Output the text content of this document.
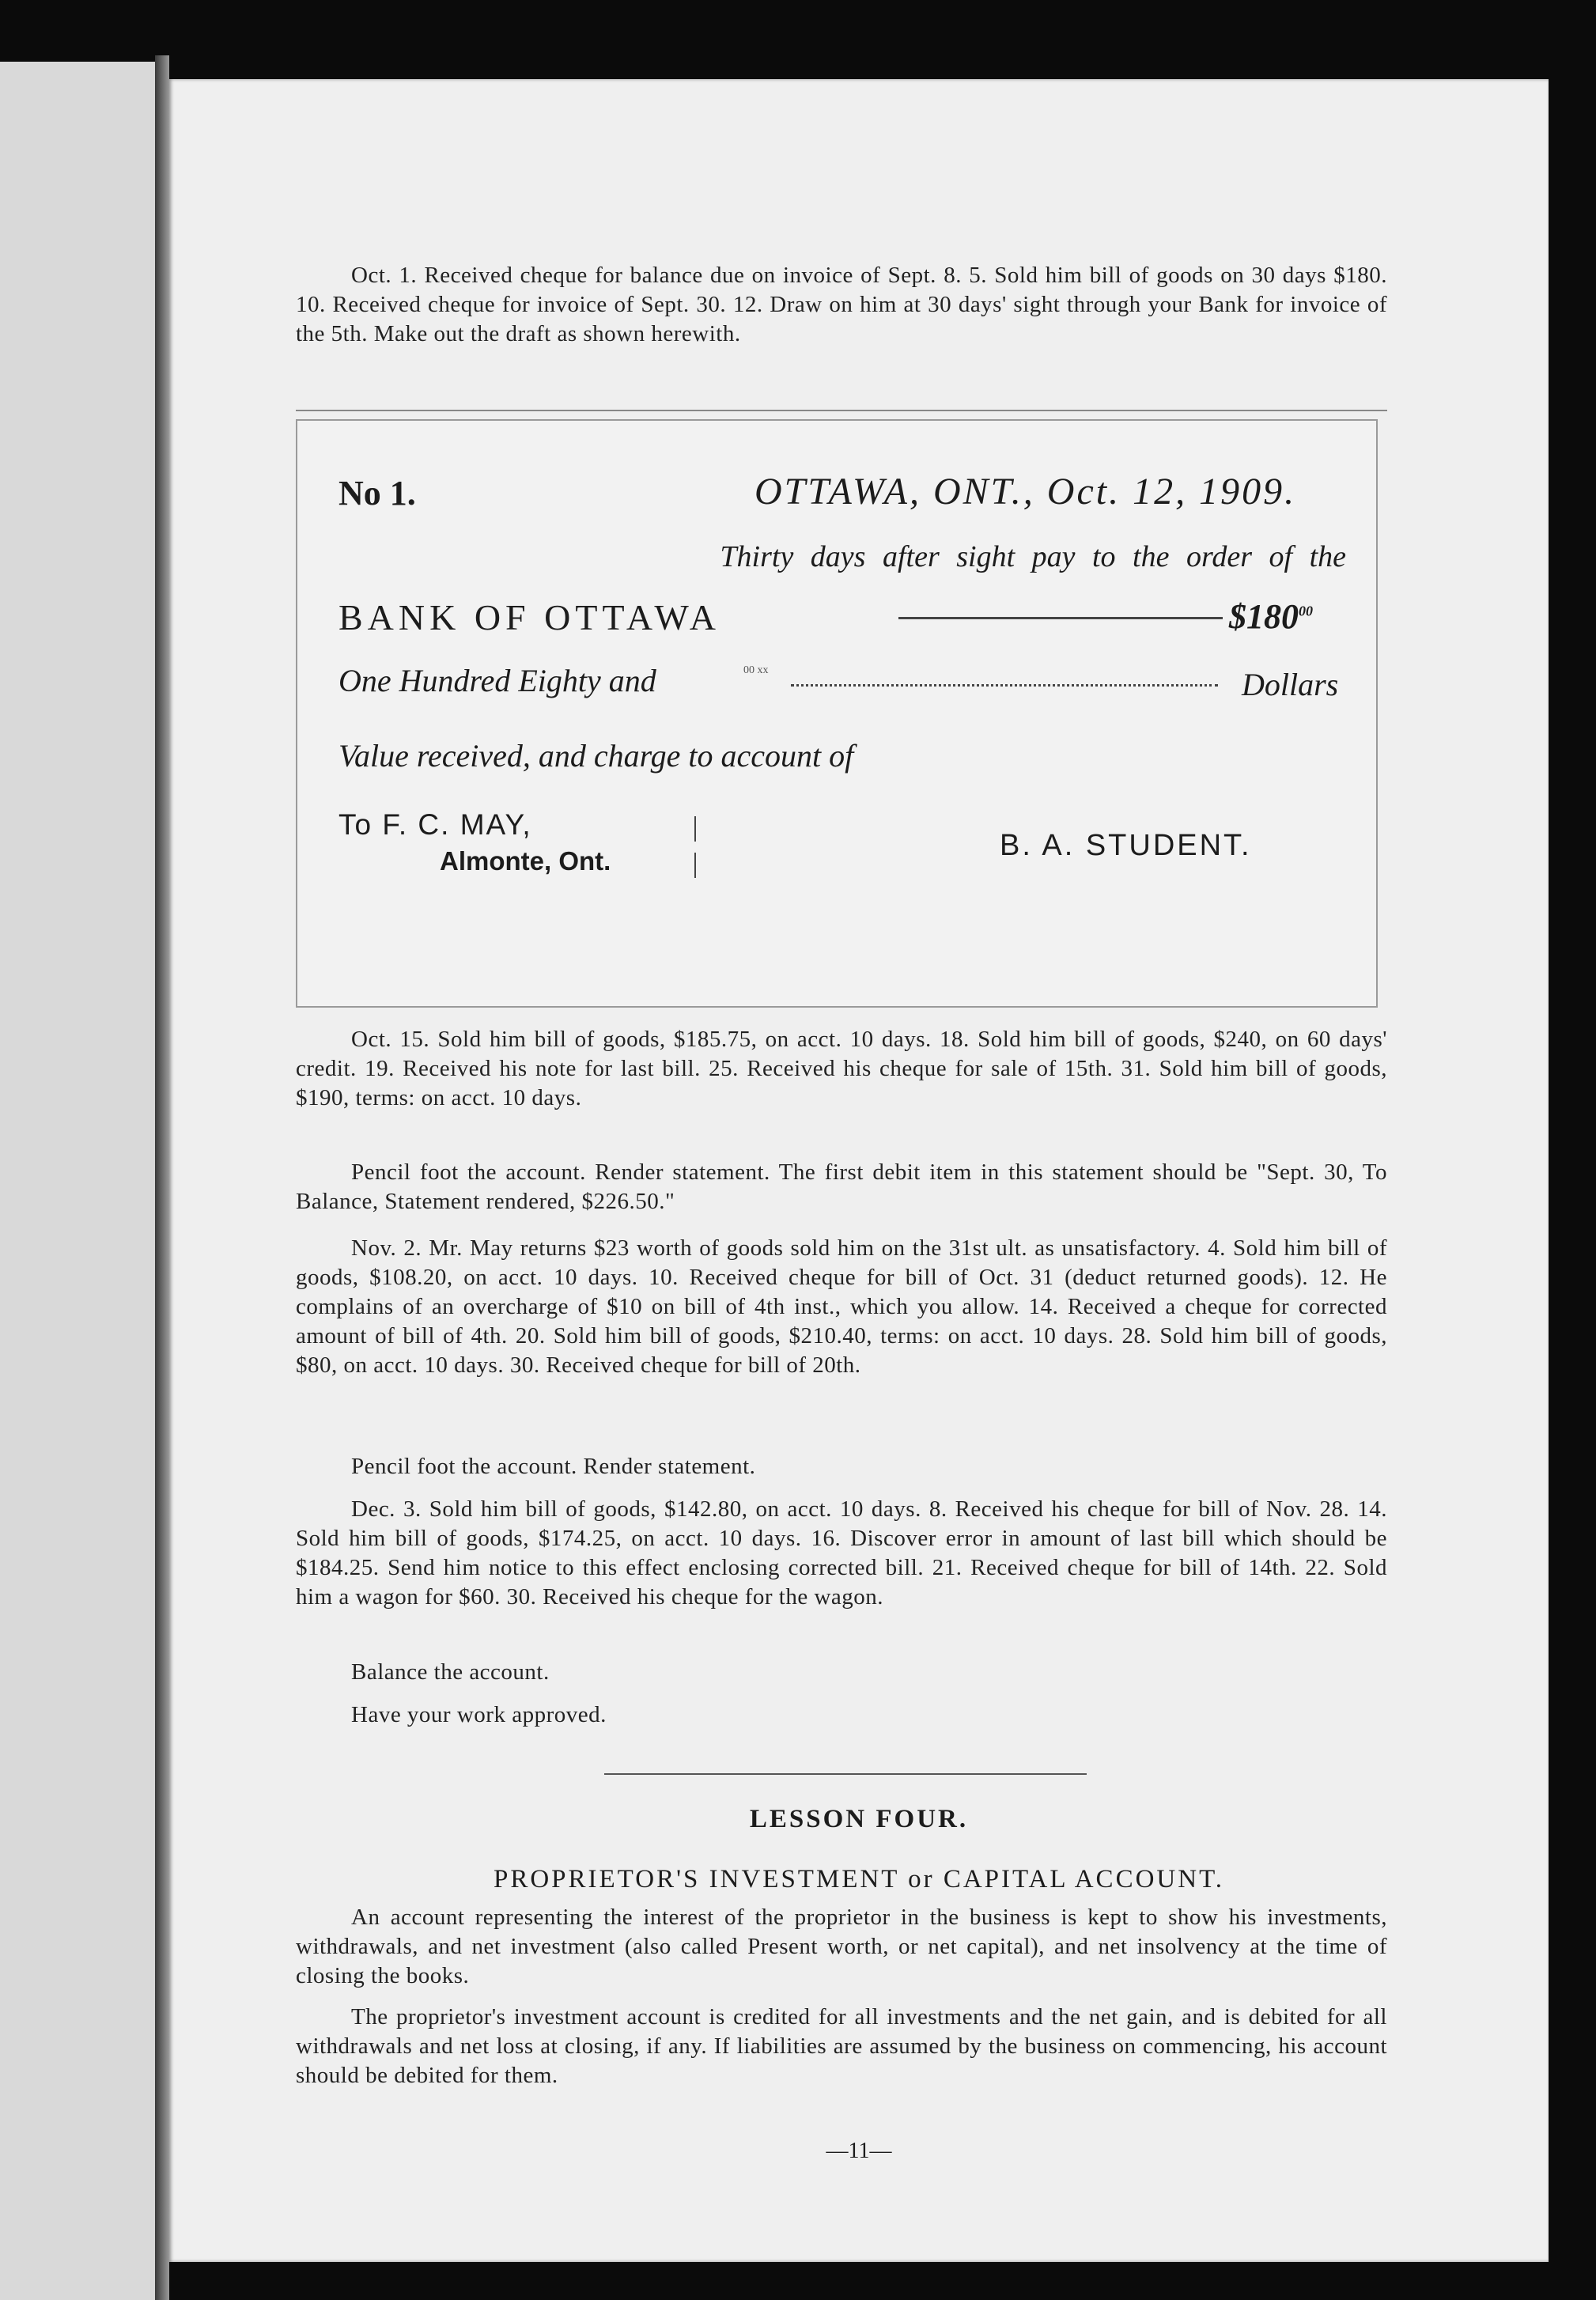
Oct. 1. Received cheque for balance due on invoice of Sept. 8. 5. Sold him bill of goods on 30 days $180. 10. Received cheque for invoice of Sept. 30. 12. Draw on him at 30 days' sight through your Bank for invoice of the 5th. Make out the draft as shown herewith.

No 1.	OTTAWA, ONT., Oct. 12, 1909.
Thirty days after sight pay to the order of the
BANK OF OTTAWA	$\$180^{00}$
One Hundred Eighty and	00 xx	Dollars
Value received, and charge to account of
To F. C. MAY,
Almonte, Ont.	B. A. STUDENT.

Oct. 15. Sold him bill of goods, $185.75, on acct. 10 days. 18. Sold him bill of goods, $240, on 60 days' credit. 19. Received his note for last bill. 25. Received his cheque for sale of 15th. 31. Sold him bill of goods, $190, terms: on acct. 10 days.

Pencil foot the account. Render statement. The first debit item in this statement should be "Sept. 30, To Balance, Statement rendered, $226.50."

Nov. 2. Mr. May returns $23 worth of goods sold him on the 31st ult. as unsatisfactory. 4. Sold him bill of goods, $108.20, on acct. 10 days. 10. Received cheque for bill of Oct. 31 (deduct returned goods). 12. He complains of an overcharge of $10 on bill of 4th inst., which you allow. 14. Received a cheque for corrected amount of bill of 4th. 20. Sold him bill of goods, $210.40, terms: on acct. 10 days. 28. Sold him bill of goods, $80, on acct. 10 days. 30. Received cheque for bill of 20th.

Pencil foot the account. Render statement.

Dec. 3. Sold him bill of goods, $142.80, on acct. 10 days. 8. Received his cheque for bill of Nov. 28. 14. Sold him bill of goods, $174.25, on acct. 10 days. 16. Discover error in amount of last bill which should be $184.25. Send him notice to this effect enclosing corrected bill. 21. Received cheque for bill of 14th. 22. Sold him a wagon for $60. 30. Received his cheque for the wagon.

Balance the account.

Have your work approved.

LESSON FOUR.
PROPRIETOR'S INVESTMENT or CAPITAL ACCOUNT.

An account representing the interest of the proprietor in the business is kept to show his investments, withdrawals, and net investment (also called Present worth, or net capital), and net insolvency at the time of closing the books.

The proprietor's investment account is credited for all investments and the net gain, and is debited for all withdrawals and net loss at closing, if any. If liabilities are assumed by the business on commencing, his account should be debited for them.

—11—
